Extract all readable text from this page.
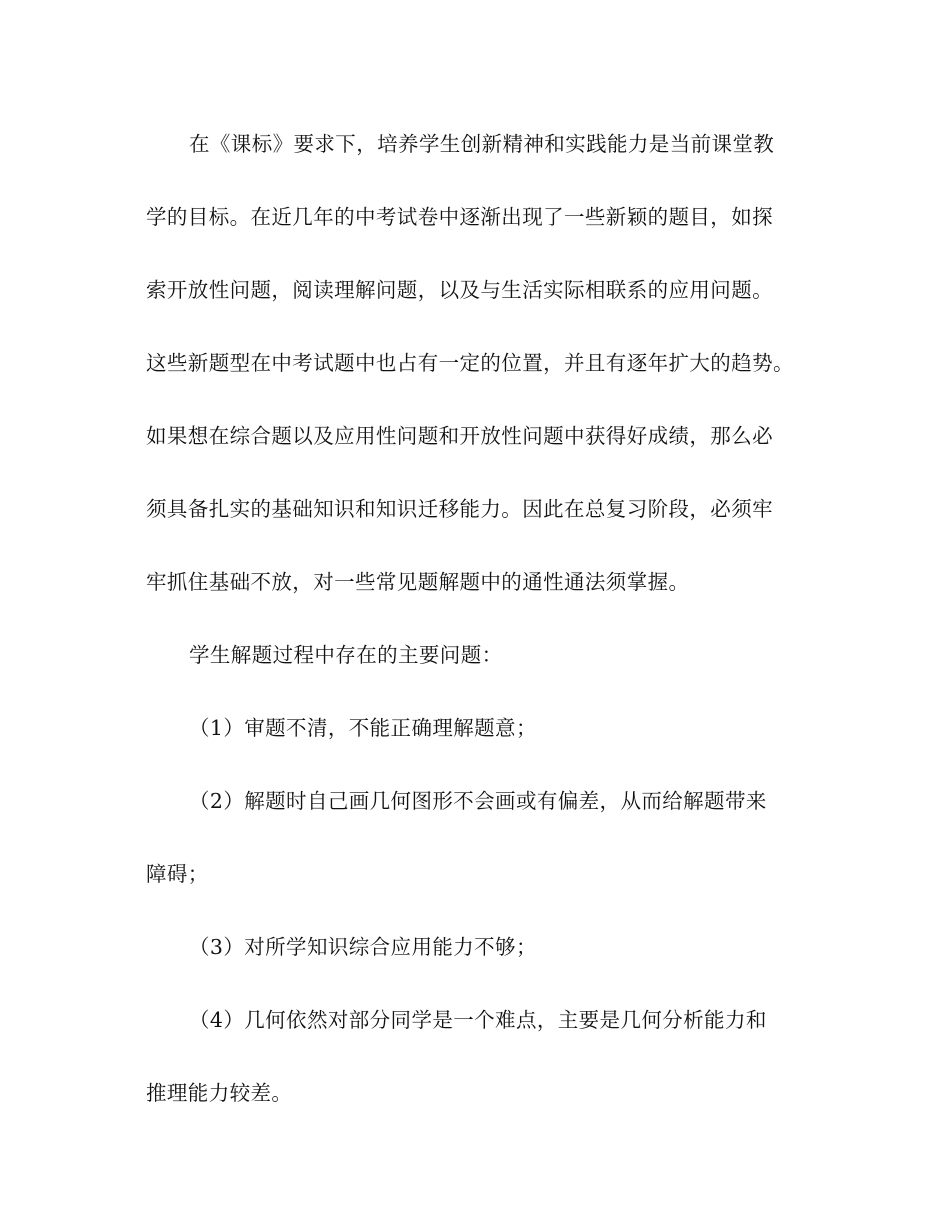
在《课标》要求下，培养学生创新精神和实践能力是当前课堂教
学的目标。在近几年的中考试卷中逐渐出现了一些新颖的题目，如探
索开放性问题，阅读理解问题，以及与生活实际相联系的应用问题。
这些新题型在中考试题中也占有一定的位置，并且有逐年扩大的趋势。
如果想在综合题以及应用性问题和开放性问题中获得好成绩，那么必
须具备扎实的基础知识和知识迁移能力。因此在总复习阶段，必须牢
牢抓住基础不放，对一些常见题解题中的通性通法须掌握。
学生解题过程中存在的主要问题：
（1）审题不清，不能正确理解题意；
（2）解题时自己画几何图形不会画或有偏差，从而给解题带来
障碍；
（3）对所学知识综合应用能力不够；
（4）几何依然对部分同学是一个难点，主要是几何分析能力和
推理能力较差。
